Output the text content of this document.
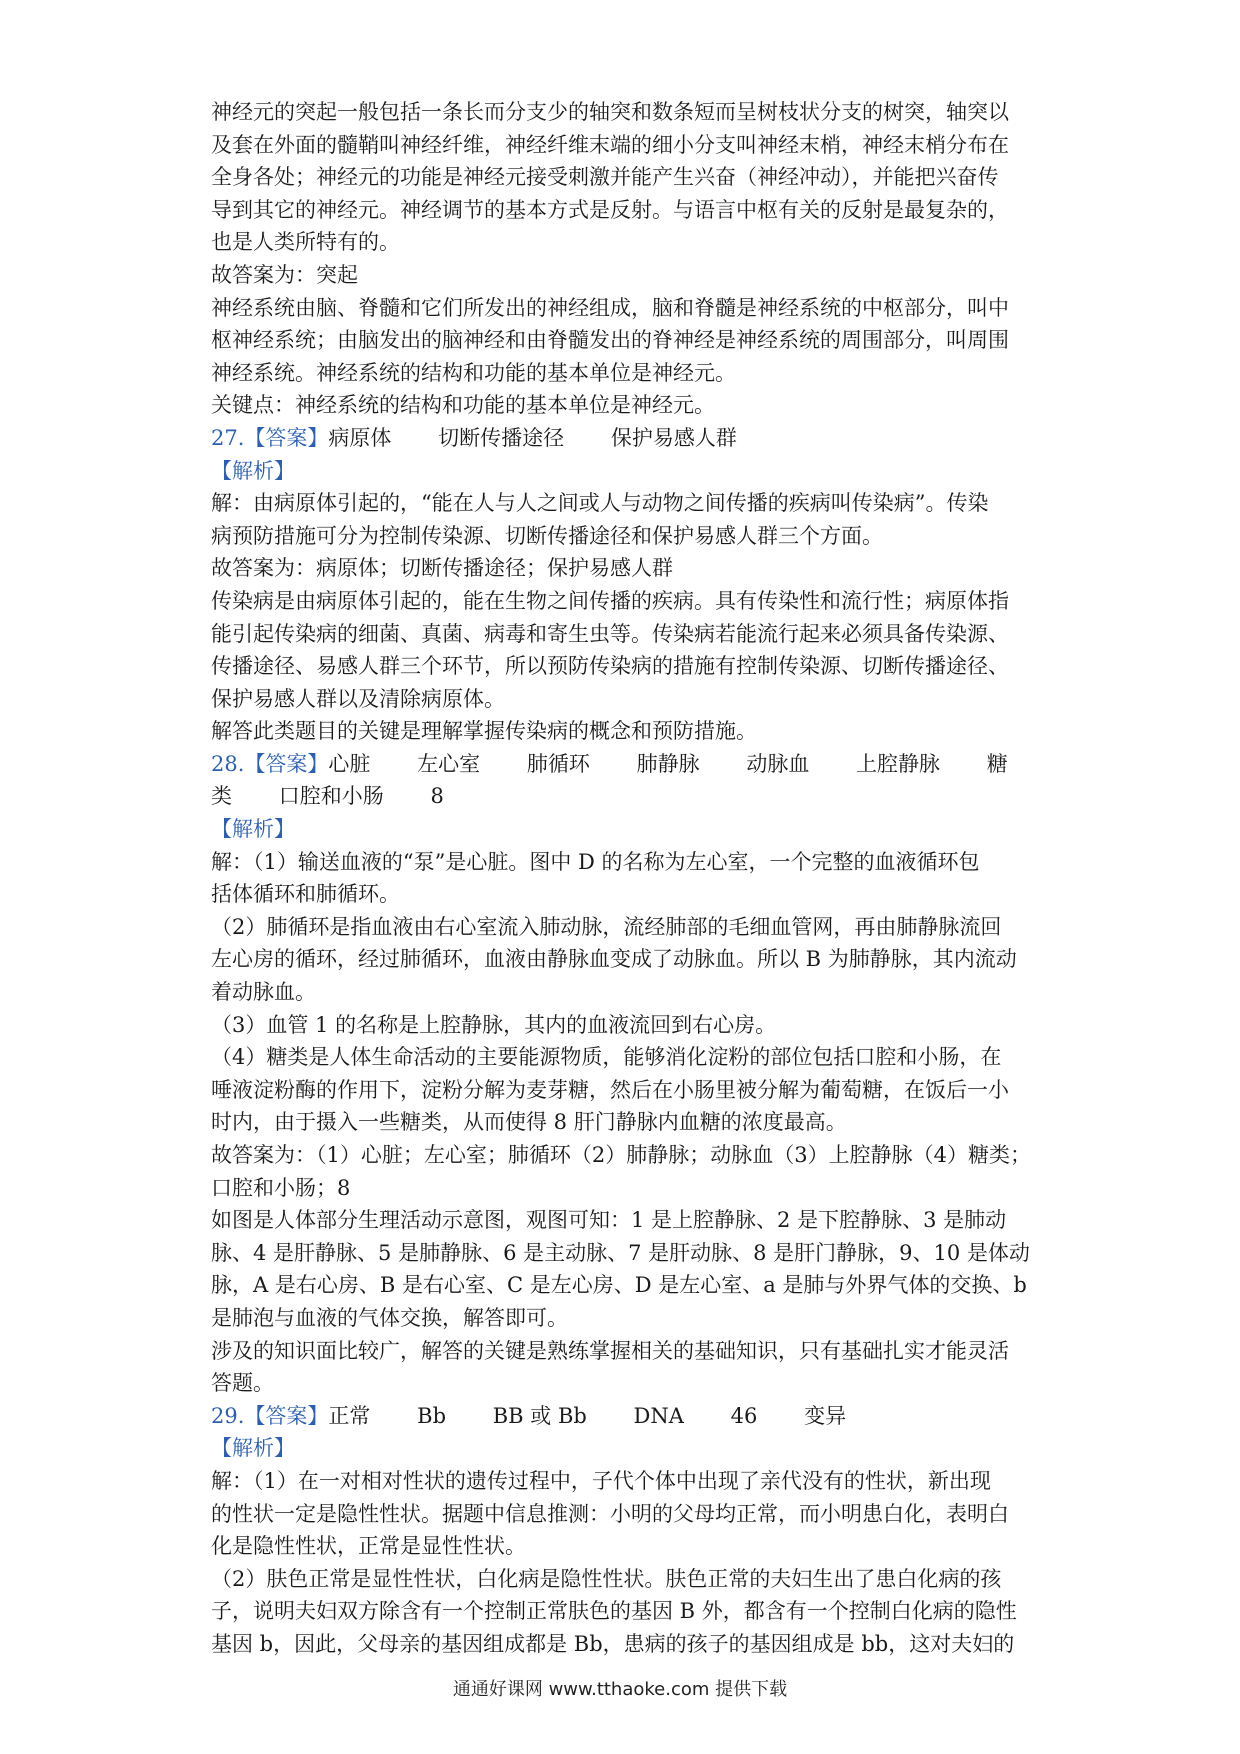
神经元的突起一般包括一条长而分支少的轴突和数条短而呈树枝状分支的树突，轴突以
及套在外面的髓鞘叫神经纤维，神经纤维末端的细小分支叫神经末梢，神经末梢分布在
全身各处；神经元的功能是神经元接受刺激并能产生兴奋（神经冲动），并能把兴奋传
导到其它的神经元。神经调节的基本方式是反射。与语言中枢有关的反射是最复杂的，
也是人类所特有的。
故答案为：突起
神经系统由脑、脊髓和它们所发出的神经组成，脑和脊髓是神经系统的中枢部分，叫中
枢神经系统；由脑发出的脑神经和由脊髓发出的脊神经是神经系统的周围部分，叫周围
神经系统。神经系统的结构和功能的基本单位是神经元。
关键点：神经系统的结构和功能的基本单位是神经元。
27.【答案】病原体       切断传播途径       保护易感人群
【解析】
解：由病原体引起的，“能在人与人之间或人与动物之间传播的疾病叫传染病”。传染
病预防措施可分为控制传染源、切断传播途径和保护易感人群三个方面。
故答案为：病原体；切断传播途径；保护易感人群
传染病是由病原体引起的，能在生物之间传播的疾病。具有传染性和流行性；病原体指
能引起传染病的细菌、真菌、病毒和寄生虫等。传染病若能流行起来必须具备传染源、
传播途径、易感人群三个环节，所以预防传染病的措施有控制传染源、切断传播途径、
保护易感人群以及清除病原体。
解答此类题目的关键是理解掌握传染病的概念和预防措施。
28.【答案】心脏       左心室       肺循环       肺静脉       动脉血       上腔静脉       糖
类       口腔和小肠       8
【解析】
解：（1）输送血液的“泵”是心脏。图中 D 的名称为左心室，一个完整的血液循环包
括体循环和肺循环。
（2）肺循环是指血液由右心室流入肺动脉，流经肺部的毛细血管网，再由肺静脉流回
左心房的循环，经过肺循环，血液由静脉血变成了动脉血。所以 B 为肺静脉，其内流动
着动脉血。
（3）血管 1 的名称是上腔静脉，其内的血液流回到右心房。
（4）糖类是人体生命活动的主要能源物质，能够消化淀粉的部位包括口腔和小肠，在
唾液淀粉酶的作用下，淀粉分解为麦芽糖，然后在小肠里被分解为葡萄糖，在饭后一小
时内，由于摄入一些糖类，从而使得 8 肝门静脉内血糖的浓度最高。
故答案为：（1）心脏；左心室；肺循环（2）肺静脉；动脉血（3）上腔静脉（4）糖类；
口腔和小肠；8
如图是人体部分生理活动示意图，观图可知：1 是上腔静脉、2 是下腔静脉、3 是肺动
脉、4 是肝静脉、5 是肺静脉、6 是主动脉、7 是肝动脉、8 是肝门静脉，9、10 是体动
脉，A 是右心房、B 是右心室、C 是左心房、D 是左心室、a 是肺与外界气体的交换、b
是肺泡与血液的气体交换，解答即可。
涉及的知识面比较广，解答的关键是熟练掌握相关的基础知识，只有基础扎实才能灵活
答题。
29.【答案】正常       Bb       BB 或 Bb       DNA       46       变异
【解析】
解：（1）在一对相对性状的遗传过程中，子代个体中出现了亲代没有的性状，新出现
的性状一定是隐性性状。据题中信息推测：小明的父母均正常，而小明患白化，表明白
化是隐性性状，正常是显性性状。
（2）肤色正常是显性性状，白化病是隐性性状。肤色正常的夫妇生出了患白化病的孩
子，说明夫妇双方除含有一个控制正常肤色的基因 B 外，都含有一个控制白化病的隐性
基因 b，因此，父母亲的基因组成都是 Bb，患病的孩子的基因组成是 bb，这对夫妇的
通通好课网 www.tthaoke.com 提供下载
